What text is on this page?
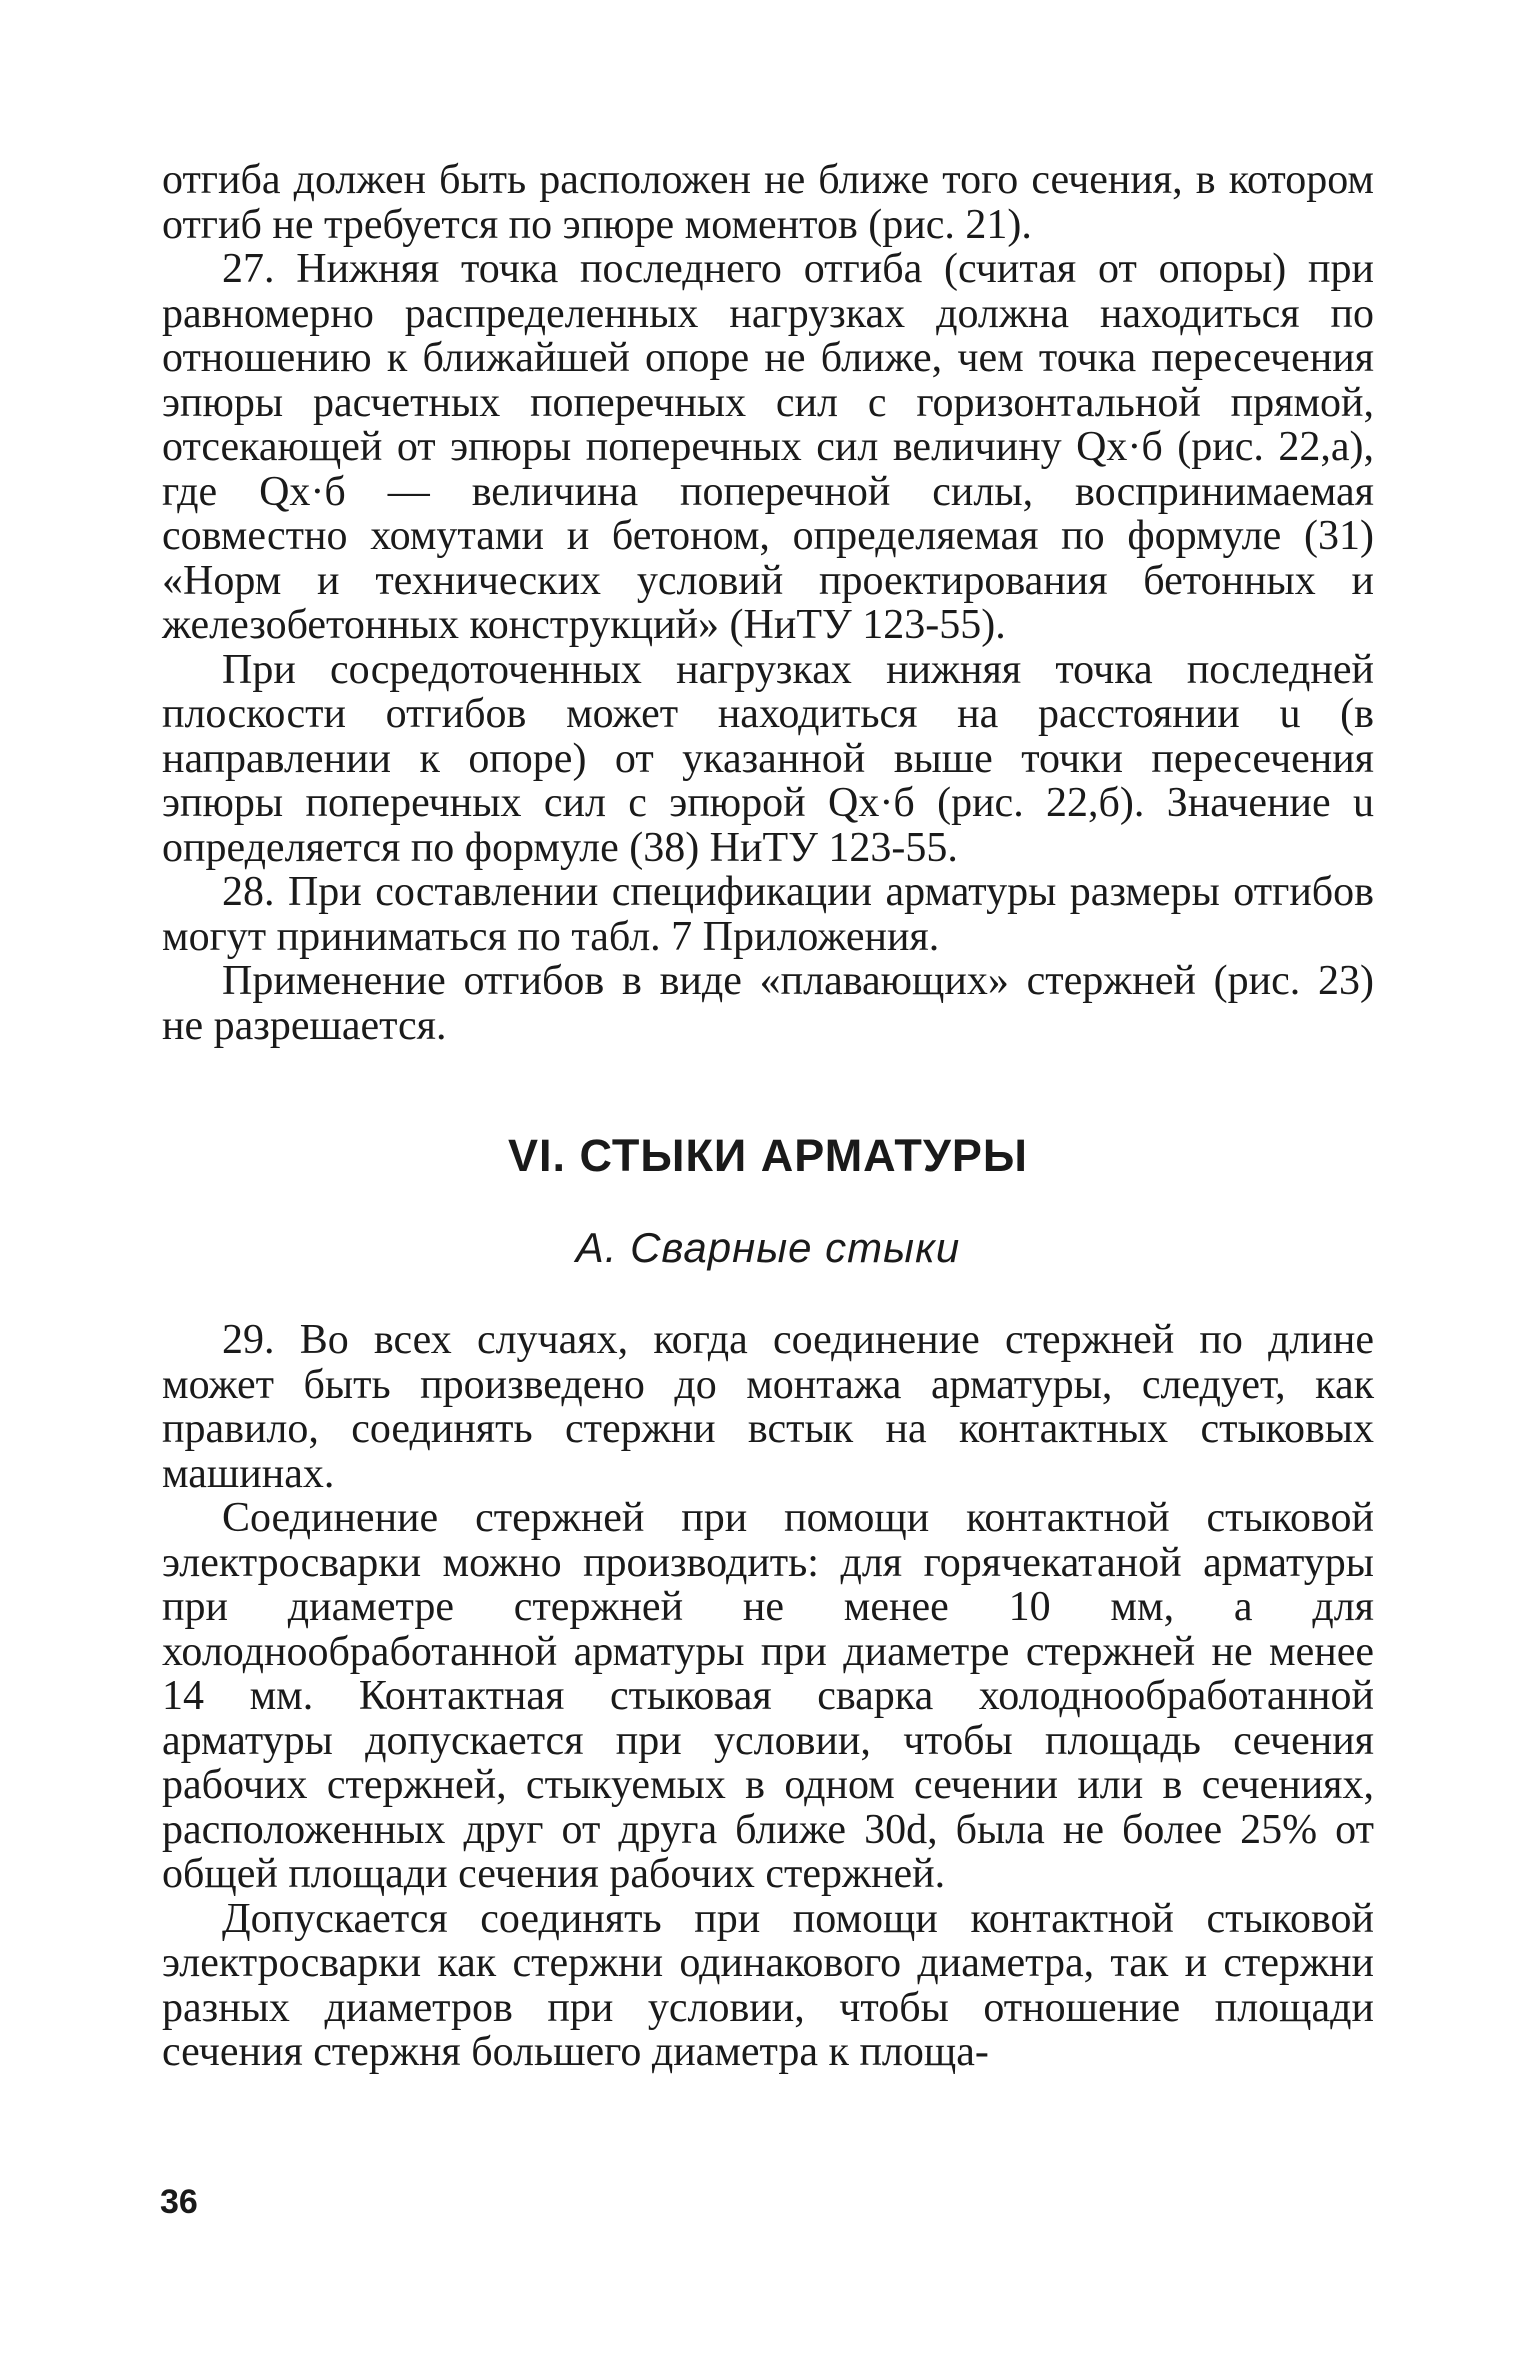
отгиба должен быть расположен не ближе того сечения, в котором отгиб не требуется по эпюре моментов (рис. 21).

27. Нижняя точка последнего отгиба (считая от опоры) при равномерно распределенных нагрузках должна находиться по отношению к ближайшей опоре не ближе, чем точка пересечения эпюры расчетных поперечных сил с горизонтальной прямой, отсекающей от эпюры поперечных сил величину Qх·б (рис. 22,а), где Qх·б — величина поперечной силы, воспринимаемая совместно хомутами и бетоном, определяемая по формуле (31) «Норм и технических условий проектирования бетонных и железобетонных конструкций» (НиТУ 123-55).

При сосредоточенных нагрузках нижняя точка последней плоскости отгибов может находиться на расстоянии u (в направлении к опоре) от указанной выше точки пересечения эпюры поперечных сил с эпюрой Qх·б (рис. 22,б). Значение u определяется по формуле (38) НиТУ 123-55.

28. При составлении спецификации арматуры размеры отгибов могут приниматься по табл. 7 Приложения.

Применение отгибов в виде «плавающих» стержней (рис. 23) не разрешается.

VI. СТЫКИ АРМАТУРЫ
А. Сварные стыки

29. Во всех случаях, когда соединение стержней по длине может быть произведено до монтажа арматуры, следует, как правило, соединять стержни встык на контактных стыковых машинах.

Соединение стержней при помощи контактной стыковой электросварки можно производить: для горячекатаной арматуры при диаметре стержней не менее 10 мм, а для холоднообработанной арматуры при диаметре стержней не менее 14 мм. Контактная стыковая сварка холоднообработанной арматуры допускается при условии, чтобы площадь сечения рабочих стержней, стыкуемых в одном сечении или в сечениях, расположенных друг от друга ближе 30d, была не более 25% от общей площади сечения рабочих стержней.

Допускается соединять при помощи контактной стыковой электросварки как стержни одинакового диаметра, так и стержни разных диаметров при условии, чтобы отношение площади сечения стержня большего диаметра к площа-

36
